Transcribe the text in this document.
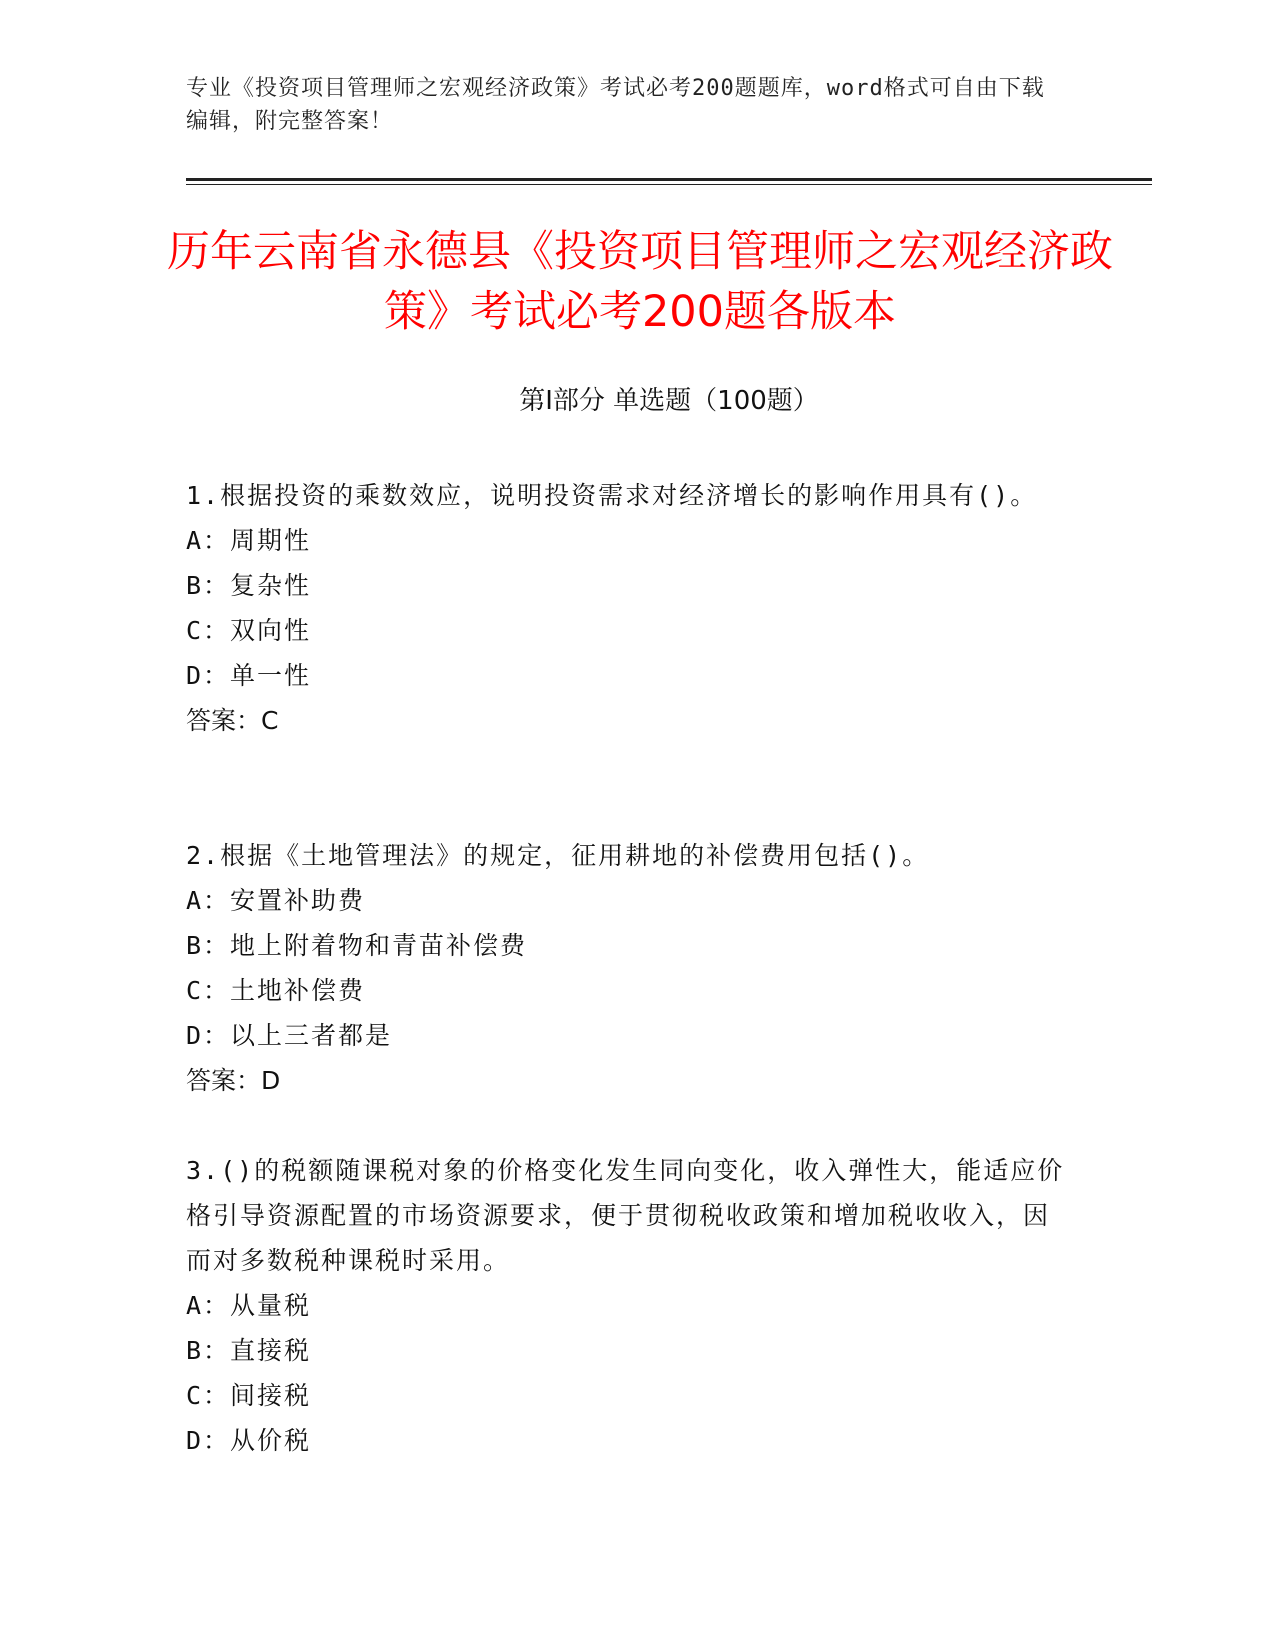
专业《投资项目管理师之宏观经济政策》考试必考200题题库，word格式可自由下载编辑，附完整答案！
历年云南省永德县《投资项目管理师之宏观经济政策》考试必考200题各版本
第Ⅰ部分 单选题（100题）

1.根据投资的乘数效应，说明投资需求对经济增长的影响作用具有()。

A：周期性

B：复杂性

C：双向性

D：单一性

答案：C

2.根据《土地管理法》的规定，征用耕地的补偿费用包括()。

A：安置补助费

B：地上附着物和青苗补偿费

C：土地补偿费

D：以上三者都是

答案：D

3.()的税额随课税对象的价格变化发生同向变化，收入弹性大，能适应价格引导资源配置的市场资源要求，便于贯彻税收政策和增加税收收入，因而对多数税种课税时采用。

A：从量税

B：直接税

C：间接税

D：从价税
